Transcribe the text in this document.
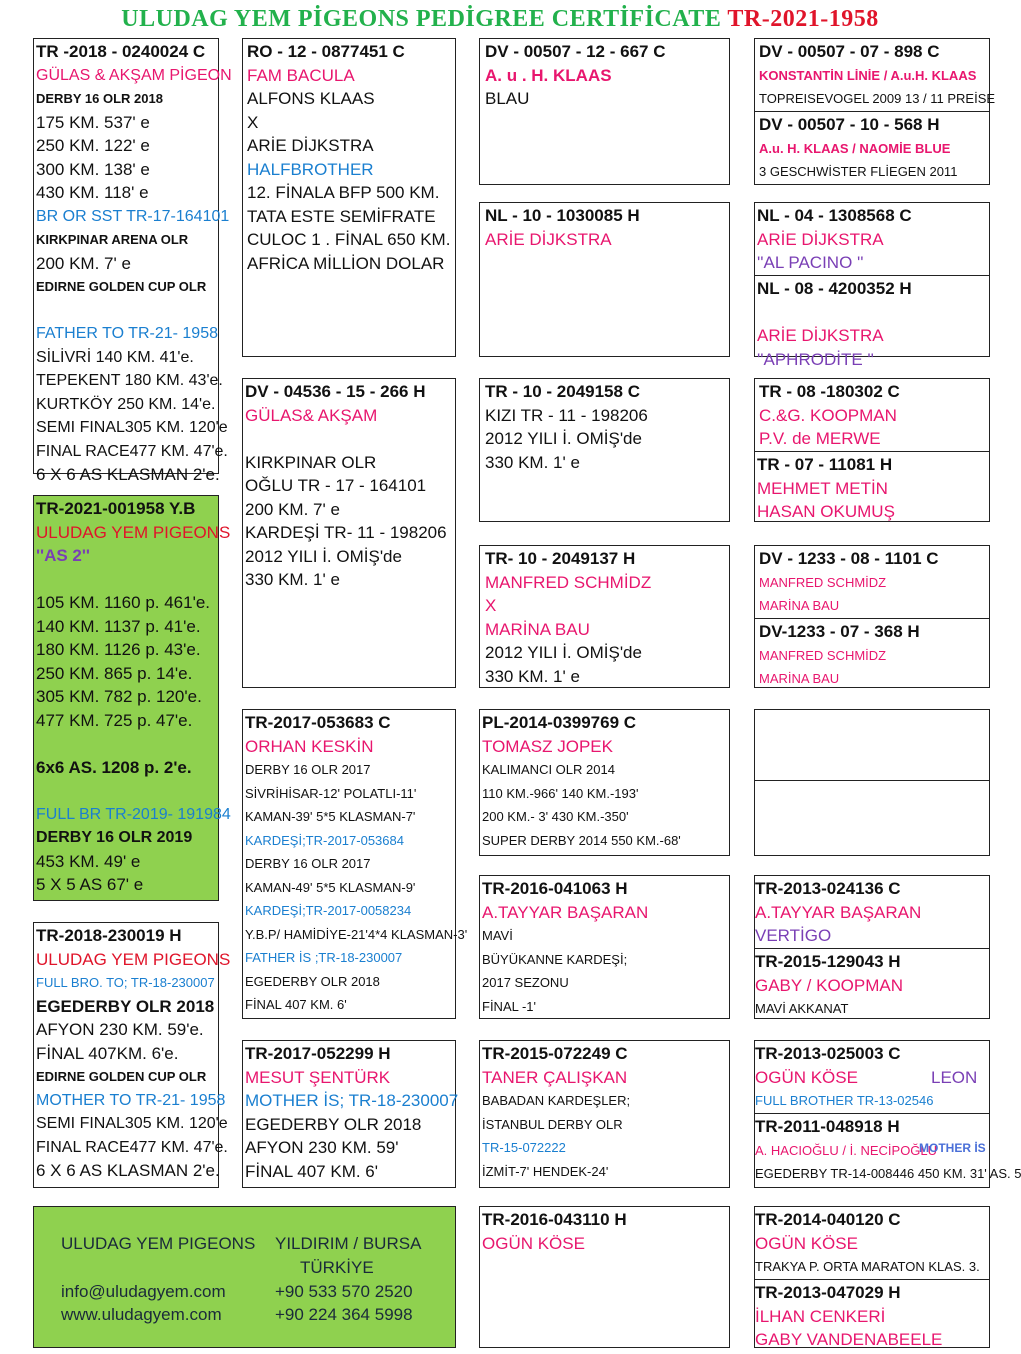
ULUDAG YEM PİGEONS PEDİGREE CERTİFİCATE TR-2021-1958
TR -2018 - 0240024 C
GÜLAS & AKŞAM PİGEON
DERBY 16 OLR 2018
175 KM. 537' e
250 KM. 122' e
300 KM. 138' e
430 KM. 118' e
BR OR SST TR-17-164101
KIRKPINAR ARENA OLR
200 KM. 7' e
EDIRNE GOLDEN CUP OLR

FATHER TO TR-21- 1958
SİLİVRİ 140 KM. 41'e.
TEPEKENT 180 KM. 43'e.
KURTKÖY 250 KM. 14'e.
SEMI FINAL305 KM. 120'e
FINAL RACE477 KM. 47'e.
6 X 6 AS KLASMAN 2'e.
TR-2021-001958 Y.B
ULUDAG YEM PIGEONS
''AS 2''

105 KM. 1160 p. 461'e.
140 KM. 1137 p. 41'e.
180 KM. 1126 p. 43'e.
250 KM. 865 p. 14'e.
305 KM. 782 p. 120'e.
477 KM. 725 p. 47'e.

6x6 AS. 1208 p. 2'e.

FULL BR TR-2019- 191984
DERBY 16 OLR 2019
453 KM. 49' e
5 X 5 AS 67' e
TR-2018-230019 H
ULUDAG YEM PIGEONS
FULL BRO. TO; TR-18-230007
EGEDERBY OLR 2018
AFYON 230 KM. 59'e.
FİNAL 407KM. 6'e.
EDIRNE GOLDEN CUP OLR
MOTHER TO TR-21- 1958
SEMI FINAL305 KM. 120'e
FINAL RACE477 KM. 47'e.
6 X 6 AS KLASMAN 2'e.
RO - 12 - 0877451 C
FAM BACULA
ALFONS KLAAS
X
ARİE DİJKSTRA
HALFBROTHER
12. FİNALA BFP 500 KM.
TATA ESTE SEMİFRATE
CULOC 1 . FİNAL 650 KM.
AFRİCA MİLLİON DOLAR
DV - 04536 - 15 - 266 H
GÜLAS& AKŞAM

KIRKPINAR OLR
OĞLU TR - 17 - 164101
200 KM. 7' e
KARDEŞİ TR- 11 - 198206
2012 YILI İ. OMİŞ'de
330 KM. 1' e
TR-2017-053683 C
ORHAN KESKİN
DERBY 16 OLR 2017
SİVRİHİSAR-12' POLATLI-11'
KAMAN-39' 5*5 KLASMAN-7'
KARDEŞİ;TR-2017-053684
DERBY 16 OLR 2017
KAMAN-49' 5*5 KLASMAN-9'
KARDEŞİ;TR-2017-0058234
Y.B.P/ HAMİDİYE-21'4*4 KLASMAN-3'
FATHER İS ;TR-18-230007
EGEDERBY OLR 2018
FİNAL 407 KM. 6'
TR-2017-052299 H
MESUT ŞENTÜRK
MOTHER İS; TR-18-230007
EGEDERBY OLR 2018
AFYON 230 KM. 59'
FİNAL 407 KM. 6'
DV - 00507 - 12 - 667 C
A. u . H. KLAAS
BLAU
NL - 10 - 1030085 H
ARİE DİJKSTRA
TR - 10 - 2049158 C
KIZI TR - 11 - 198206
2012 YILI İ. OMİŞ'de
330 KM. 1' e
TR- 10 - 2049137 H
MANFRED SCHMİDZ
X
MARİNA BAU
2012 YILI İ. OMİŞ'de
330 KM. 1' e
PL-2014-0399769 C
TOMASZ JOPEK
KALIMANCI OLR 2014
110 KM.-966' 140 KM.-193'
200 KM.- 3' 430 KM.-350'
SUPER DERBY 2014 550 KM.-68'
TR-2016-041063 H
A.TAYYAR BAŞARAN
MAVİ
BÜYÜKANNE KARDEŞİ;
2017 SEZONU
FİNAL -1'
TR-2015-072249 C
TANER ÇALIŞKAN
BABADAN KARDEŞLER;
İSTANBUL DERBY OLR
TR-15-072222
İZMİT-7' HENDEK-24'
TR-2016-043110 H
OGÜN KÖSE
DV - 00507 - 07 - 898 C
KONSTANTİN LİNİE / A.u.H. KLAAS
TOPREISEVOGEL 2009 13 / 11 PREİSE
DV - 00507 - 10 - 568 H
A.u. H. KLAAS / NAOMİE BLUE
3 GESCHWİSTER FLİEGEN 2011
NL - 04 - 1308568 C
ARİE DİJKSTRA
''AL PACINO ''
NL - 08 - 4200352 H

ARİE DİJKSTRA
''APHRODİTE ''
TR - 08 -180302 C
C.&G. KOOPMAN
P.V. de MERWE
TR - 07 - 11081 H
MEHMET METİN
HASAN OKUMUŞ
DV - 1233 - 08 - 1101 C
MANFRED SCHMİDZ
MARİNA BAU
DV-1233 - 07 - 368 H
MANFRED SCHMİDZ
MARİNA BAU
TR-2013-024136 C
A.TAYYAR BAŞARAN
VERTİGO
TR-2015-129043 H
GABY / KOOPMAN
MAVİ AKKANAT
TR-2013-025003 C
OGÜN KÖSE
FULL BROTHER TR-13-02546
TR-2011-048918 H
A. HACIOĞLU / İ. NECİPOĞLU
EGEDERBY TR-14-008446 450 KM. 31' AS. 5
LEON
MOTHER İS
TR-2014-040120 C
OGÜN KÖSE
TRAKYA P. ORTA MARATON KLAS. 3.
TR-2013-047029 H
İLHAN CENKERİ
GABY VANDENABEELE
ULUDAG YEM PIGEONS YILDIRIM / BURSA
TÜRKİYE
info@uludagyem.com	+90 533 570 2520
www.uludagyem.com	+90 224 364 5998
